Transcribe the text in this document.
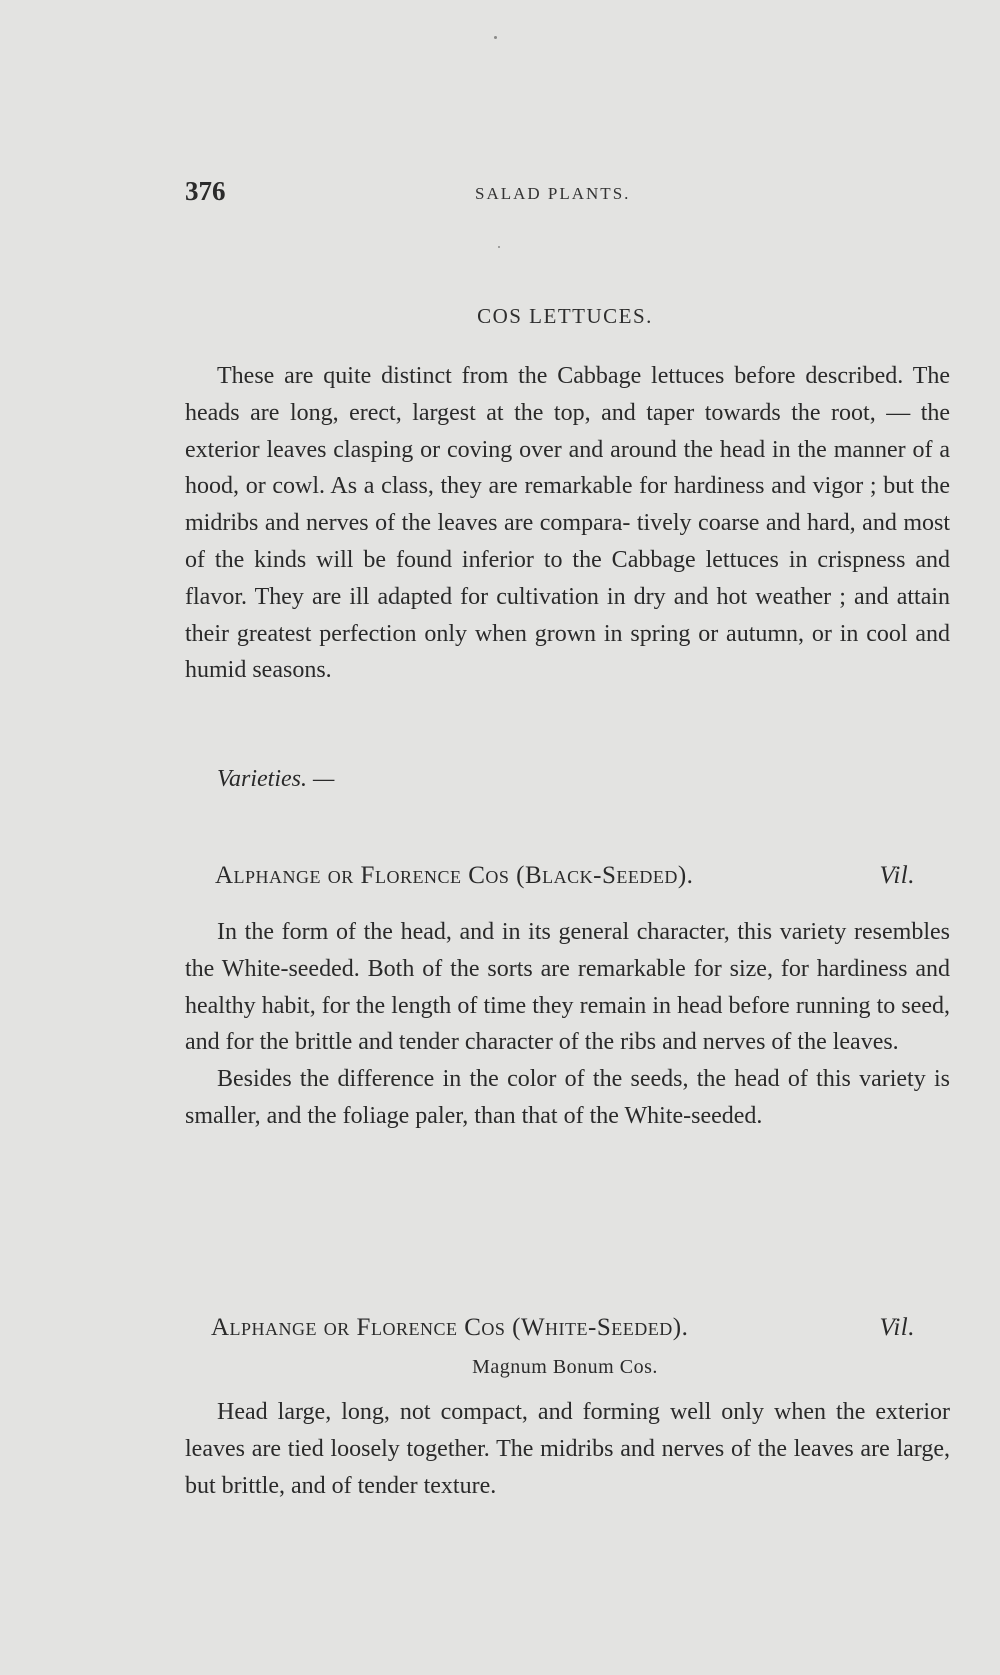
376	SALAD PLANTS.
COS LETTUCES.

These are quite distinct from the Cabbage lettuces before described. The heads are long, erect, largest at the top, and taper towards the root, — the exterior leaves clasping or coving over and around the head in the manner of a hood, or cowl. As a class, they are remarkable for hardiness and vigor ; but the midribs and nerves of the leaves are compara- tively coarse and hard, and most of the kinds will be found inferior to the Cabbage lettuces in crispness and flavor. They are ill adapted for cultivation in dry and hot weather ; and attain their greatest perfection only when grown in spring or autumn, or in cool and humid seasons.

Varieties. —
Alphange or Florence Cos (Black-Seeded).	Vil.

In the form of the head, and in its general character, this variety resembles the White-seeded. Both of the sorts are remarkable for size, for hardiness and healthy habit, for the length of time they remain in head before running to seed, and for the brittle and tender character of the ribs and nerves of the leaves.

Besides the difference in the color of the seeds, the head of this variety is smaller, and the foliage paler, than that of the White-seeded.

Alphange or Florence Cos (White-Seeded).	Vil.
Magnum Bonum Cos.

Head large, long, not compact, and forming well only when the exterior leaves are tied loosely together. The midribs and nerves of the leaves are large, but brittle, and of tender texture.
